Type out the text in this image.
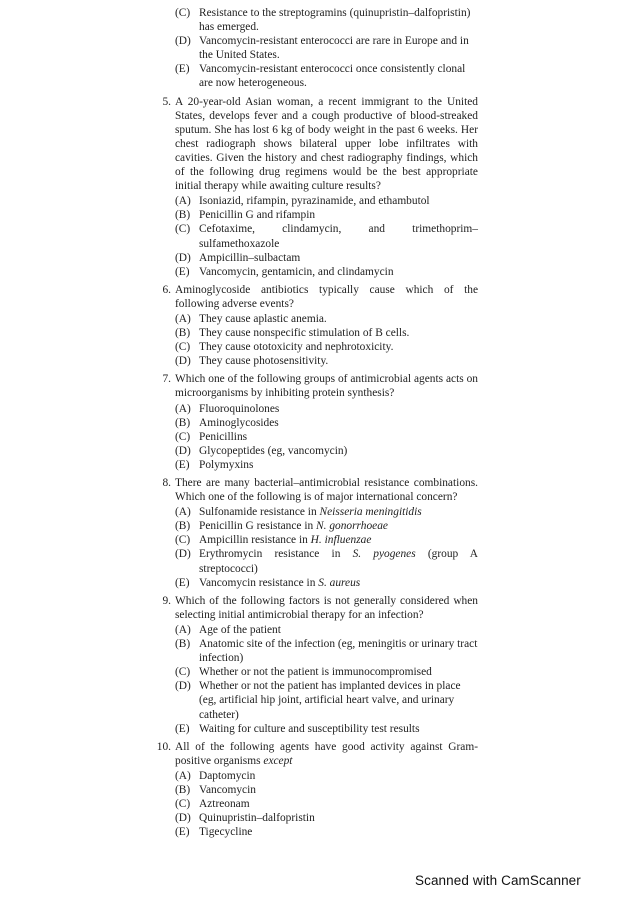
(C) Resistance to the streptogramins (quinupristin–dalfopristin) has emerged.
(D) Vancomycin-resistant enterococci are rare in Europe and in the United States.
(E) Vancomycin-resistant enterococci once consistently clonal are now heterogeneous.
5. A 20-year-old Asian woman, a recent immigrant to the United States, develops fever and a cough productive of blood-streaked sputum. She has lost 6 kg of body weight in the past 6 weeks. Her chest radiograph shows bilateral upper lobe infiltrates with cavities. Given the history and chest radiography findings, which of the following drug regimens would be the best appropriate initial therapy while awaiting culture results?
(A) Isoniazid, rifampin, pyrazinamide, and ethambutol
(B) Penicillin G and rifampin
(C) Cefotaxime, clindamycin, and trimethoprim–sulfamethoxazole
(D) Ampicillin–sulbactam
(E) Vancomycin, gentamicin, and clindamycin
6. Aminoglycoside antibiotics typically cause which of the following adverse events?
(A) They cause aplastic anemia.
(B) They cause nonspecific stimulation of B cells.
(C) They cause ototoxicity and nephrotoxicity.
(D) They cause photosensitivity.
7. Which one of the following groups of antimicrobial agents acts on microorganisms by inhibiting protein synthesis?
(A) Fluoroquinolones
(B) Aminoglycosides
(C) Penicillins
(D) Glycopeptides (eg, vancomycin)
(E) Polymyxins
8. There are many bacterial–antimicrobial resistance combinations. Which one of the following is of major international concern?
(A) Sulfonamide resistance in Neisseria meningitidis
(B) Penicillin G resistance in N. gonorrhoeae
(C) Ampicillin resistance in H. influenzae
(D) Erythromycin resistance in S. pyogenes (group A streptococci)
(E) Vancomycin resistance in S. aureus
9. Which of the following factors is not generally considered when selecting initial antimicrobial therapy for an infection?
(A) Age of the patient
(B) Anatomic site of the infection (eg, meningitis or urinary tract infection)
(C) Whether or not the patient is immunocompromised
(D) Whether or not the patient has implanted devices in place (eg, artificial hip joint, artificial heart valve, and urinary catheter)
(E) Waiting for culture and susceptibility test results
10. All of the following agents have good activity against Gram-positive organisms except
(A) Daptomycin
(B) Vancomycin
(C) Aztreonam
(D) Quinupristin–dalfopristin
(E) Tigecycline
Scanned with CamScanner
